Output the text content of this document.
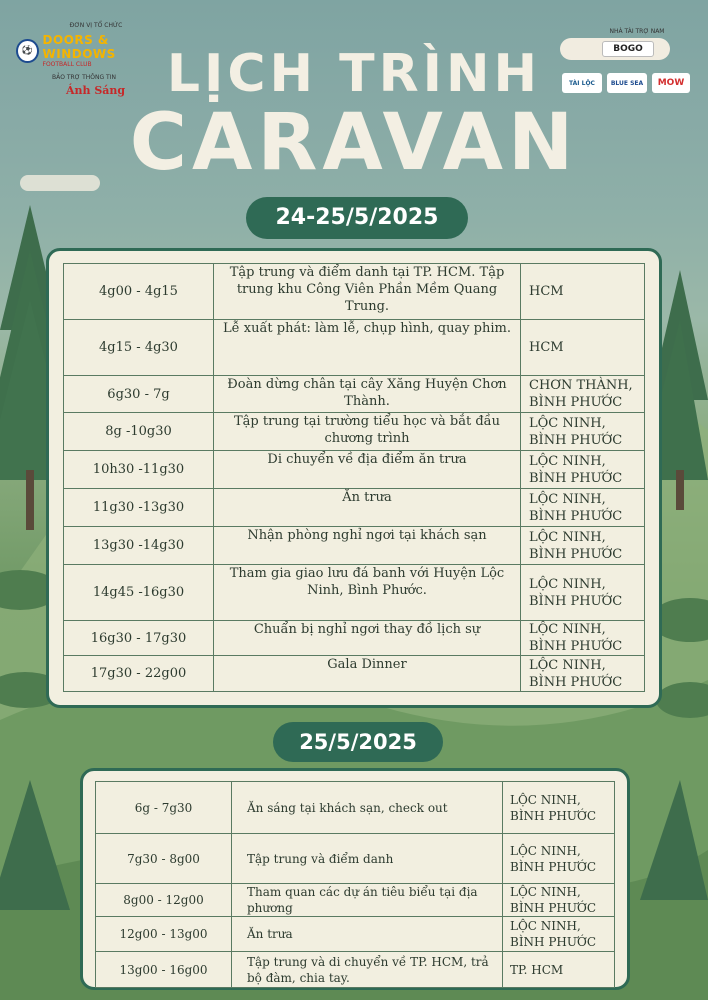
ĐƠN VỊ TỔ CHỨC
⚽
DOORS & WINDOWS
FOOTBALL CLUB
BẢO TRỢ THÔNG TIN
Ánh Sáng
NHÀ TÀI TRỢ NAM
BOGO
TÀI LỘC	BLUE SEA	MOW
LỊCH TRÌNH
CARAVAN
24-25/5/2025
4g00 - 4g15	Tập trung và điểm danh tại TP. HCM. Tập trung khu Công Viên Phần Mềm Quang Trung.	HCM
4g15 - 4g30	Lễ xuất phát: làm lễ, chụp hình, quay phim.	HCM
6g30 - 7g	Đoàn dừng chân tại cây Xăng Huyện Chơn Thành.	CHƠN THÀNH, BÌNH PHƯỚC
8g -10g30	Tập trung tại trường tiểu học và bắt đầu chương trình	LỘC NINH, BÌNH PHƯỚC
10h30 -11g30	Di chuyển về địa điểm ăn trưa	LỘC NINH, BÌNH PHƯỚC
11g30 -13g30	Ăn trưa	LỘC NINH, BÌNH PHƯỚC
13g30 -14g30	Nhận phòng nghỉ ngơi tại khách sạn	LỘC NINH, BÌNH PHƯỚC
14g45 -16g30	Tham gia giao lưu đá banh với Huyện Lộc Ninh, Bình Phước.	LỘC NINH, BÌNH PHƯỚC
16g30 - 17g30	Chuẩn bị nghỉ ngơi thay đồ lịch sự	LỘC NINH, BÌNH PHƯỚC
17g30 - 22g00	Gala Dinner	LỘC NINH, BÌNH PHƯỚC
25/5/2025
6g - 7g30	Ăn sáng tại khách sạn, check out	LỘC NINH, BÌNH PHƯỚC
7g30 - 8g00	Tập trung và điểm danh	LỘC NINH, BÌNH PHƯỚC
8g00 - 12g00	Tham quan các dự án tiêu biểu tại địa phương	LỘC NINH, BÌNH PHƯỚC
12g00 - 13g00	Ăn trưa	LỘC NINH, BÌNH PHƯỚC
13g00 - 16g00	Tập trung và di chuyển về TP. HCM, trả bộ đàm, chia tay.	TP. HCM
